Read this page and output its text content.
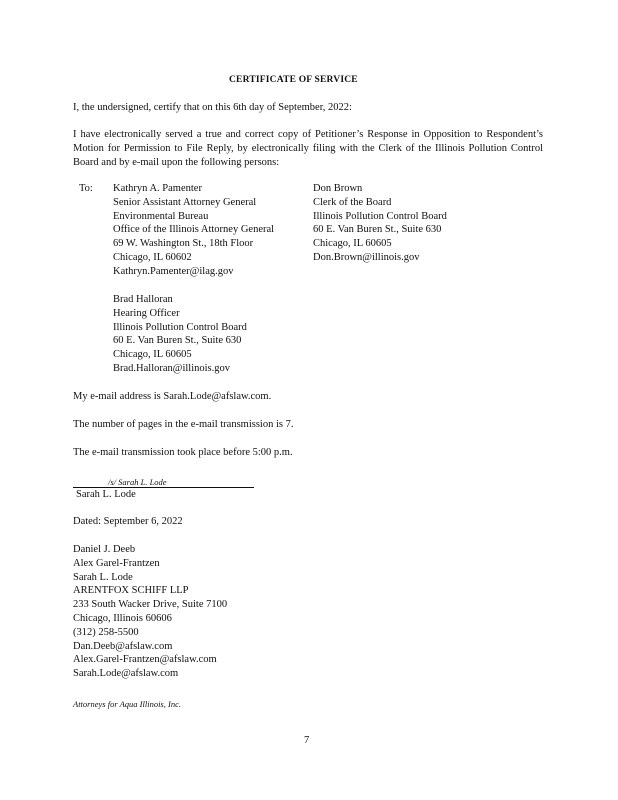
CERTIFICATE OF SERVICE
I, the undersigned, certify that on this 6th day of September, 2022:
I have electronically served a true and correct copy of Petitioner’s Response in Opposition to Respondent’s Motion for Permission to File Reply, by electronically filing with the Clerk of the Illinois Pollution Control Board and by e-mail upon the following persons:
To: Kathryn A. Pamenter
Senior Assistant Attorney General
Environmental Bureau
Office of the Illinois Attorney General
69 W. Washington St., 18th Floor
Chicago, IL 60602
Kathryn.Pamenter@ilag.gov
Don Brown
Clerk of the Board
Illinois Pollution Control Board
60 E. Van Buren St., Suite 630
Chicago, IL 60605
Don.Brown@illinois.gov
Brad Halloran
Hearing Officer
Illinois Pollution Control Board
60 E. Van Buren St., Suite 630
Chicago, IL 60605
Brad.Halloran@illinois.gov
My e-mail address is Sarah.Lode@afslaw.com.
The number of pages in the e-mail transmission is 7.
The e-mail transmission took place before 5:00 p.m.
/s/ Sarah L. Lode
Sarah L. Lode
Dated: September 6, 2022
Daniel J. Deeb
Alex Garel-Frantzen
Sarah L. Lode
ARENTFOX SCHIFF LLP
233 South Wacker Drive, Suite 7100
Chicago, Illinois 60606
(312) 258-5500
Dan.Deeb@afslaw.com
Alex.Garel-Frantzen@afslaw.com
Sarah.Lode@afslaw.com
Attorneys for Aqua Illinois, Inc.
7
